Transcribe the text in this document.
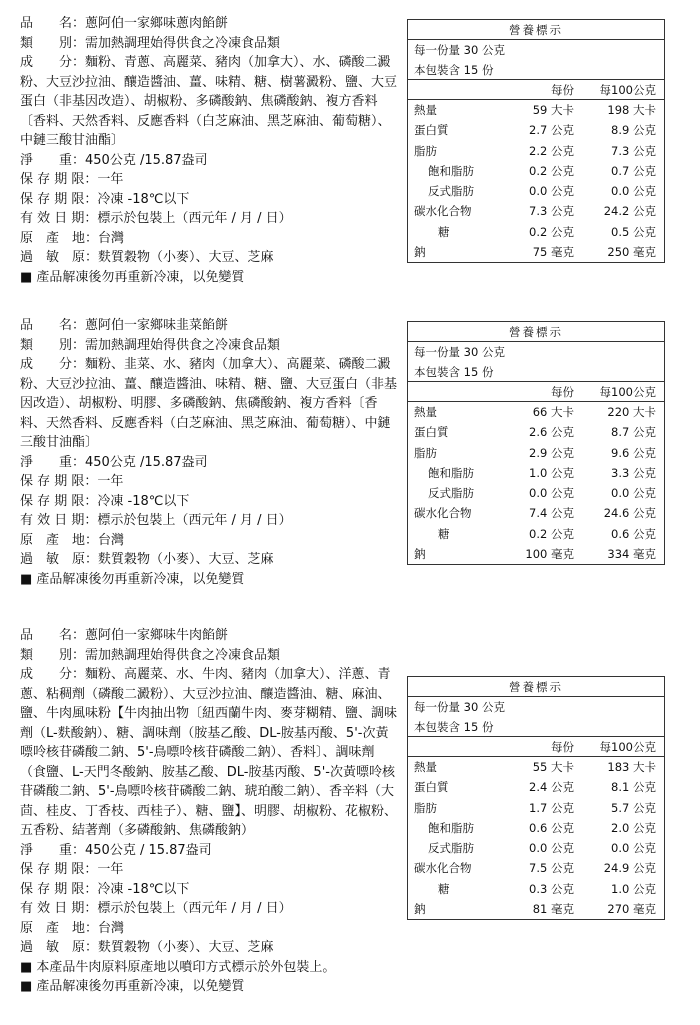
品　　名：蔥阿伯一家鄉味蔥肉餡餅
類　　別：需加熱調理始得供食之冷凍食品類
成　　分：麵粉、青蔥、高麗菜、豬肉（加拿大）、水、磷酸二澱粉、大豆沙拉油、釀造醬油、薑、味精、糖、樹薯澱粉、鹽、大豆蛋白（非基因改造）、胡椒粉、多磷酸鈉、焦磷酸鈉、複方香料〔香料、天然香料、反應香料（白芝麻油、黑芝麻油、葡萄糖）、中鏈三酸甘油酯〕
淨　　重：450公克 /15.87盎司
保 存 期 限：一年
保 存 期 限：冷凍 -18℃以下
有 效 日 期：標示於包裝上（西元年 / 月 / 日）
原　產　地：台灣
過　敏　原：麩質穀物（小麥）、大豆、芝麻
■ 產品解凍後勿再重新冷凍，以免變質
營養標示
每一份量 30 公克
本包裝含 15 份
每份	每100公克
熱量	59 大卡	198 大卡
蛋白質	2.7 公克	8.9 公克
脂肪	2.2 公克	7.3 公克
飽和脂肪	0.2 公克	0.7 公克
反式脂肪	0.0 公克	0.0 公克
碳水化合物	7.3 公克	24.2 公克
糖	0.2 公克	0.5 公克
鈉	75 毫克	250 毫克
品　　名：蔥阿伯一家鄉味韭菜餡餅
類　　別：需加熱調理始得供食之冷凍食品類
成　　分：麵粉、韭菜、水、豬肉（加拿大）、高麗菜、磷酸二澱粉、大豆沙拉油、薑、釀造醬油、味精、糖、鹽、大豆蛋白（非基因改造）、胡椒粉、明膠、多磷酸鈉、焦磷酸鈉、複方香料〔香料、天然香料、反應香料（白芝麻油、黑芝麻油、葡萄糖）、中鏈三酸甘油酯〕
淨　　重：450公克 /15.87盎司
保 存 期 限：一年
保 存 期 限：冷凍 -18℃以下
有 效 日 期：標示於包裝上（西元年 / 月 / 日）
原　產　地：台灣
過　敏　原：麩質穀物（小麥）、大豆、芝麻
■ 產品解凍後勿再重新冷凍，以免變質
營養標示
每一份量 30 公克
本包裝含 15 份
每份	每100公克
熱量	66 大卡	220 大卡
蛋白質	2.6 公克	8.7 公克
脂肪	2.9 公克	9.6 公克
飽和脂肪	1.0 公克	3.3 公克
反式脂肪	0.0 公克	0.0 公克
碳水化合物	7.4 公克	24.6 公克
糖	0.2 公克	0.6 公克
鈉	100 毫克	334 毫克
品　　名：蔥阿伯一家鄉味牛肉餡餅
類　　別：需加熱調理始得供食之冷凍食品類
成　　分：麵粉、高麗菜、水、牛肉、豬肉（加拿大）、洋蔥、青蔥、粘稠劑（磷酸二澱粉）、大豆沙拉油、釀造醬油、糖、麻油、鹽、牛肉風味粉【牛肉抽出物〔紐西蘭牛肉、麥芽糊精、鹽、調味劑（L-麩酸鈉）、糖、調味劑（胺基乙酸、DL-胺基丙酸、5'-次黃嘌呤核苷磷酸二鈉、5'-鳥嘌呤核苷磷酸二鈉）、香料〕、調味劑（食鹽、L-天門冬酸鈉、胺基乙酸、DL-胺基丙酸、5'-次黃嘌呤核苷磷酸二鈉、5'-鳥嘌呤核苷磷酸二鈉、琥珀酸二鈉）、香辛料（大茴、桂皮、丁香枝、西桂子）、糖、鹽】、明膠、胡椒粉、花椒粉、五香粉、結著劑（多磷酸鈉、焦磷酸鈉）
淨　　重：450公克 / 15.87盎司
保 存 期 限：一年
保 存 期 限：冷凍 -18℃以下
有 效 日 期：標示於包裝上（西元年 / 月 / 日）
原　產　地：台灣
過　敏　原：麩質穀物（小麥）、大豆、芝麻
■ 本產品牛肉原料原產地以噴印方式標示於外包裝上。
■ 產品解凍後勿再重新冷凍，以免變質
營養標示
每一份量 30 公克
本包裝含 15 份
每份	每100公克
熱量	55 大卡	183 大卡
蛋白質	2.4 公克	8.1 公克
脂肪	1.7 公克	5.7 公克
飽和脂肪	0.6 公克	2.0 公克
反式脂肪	0.0 公克	0.0 公克
碳水化合物	7.5 公克	24.9 公克
糖	0.3 公克	1.0 公克
鈉	81 毫克	270 毫克
